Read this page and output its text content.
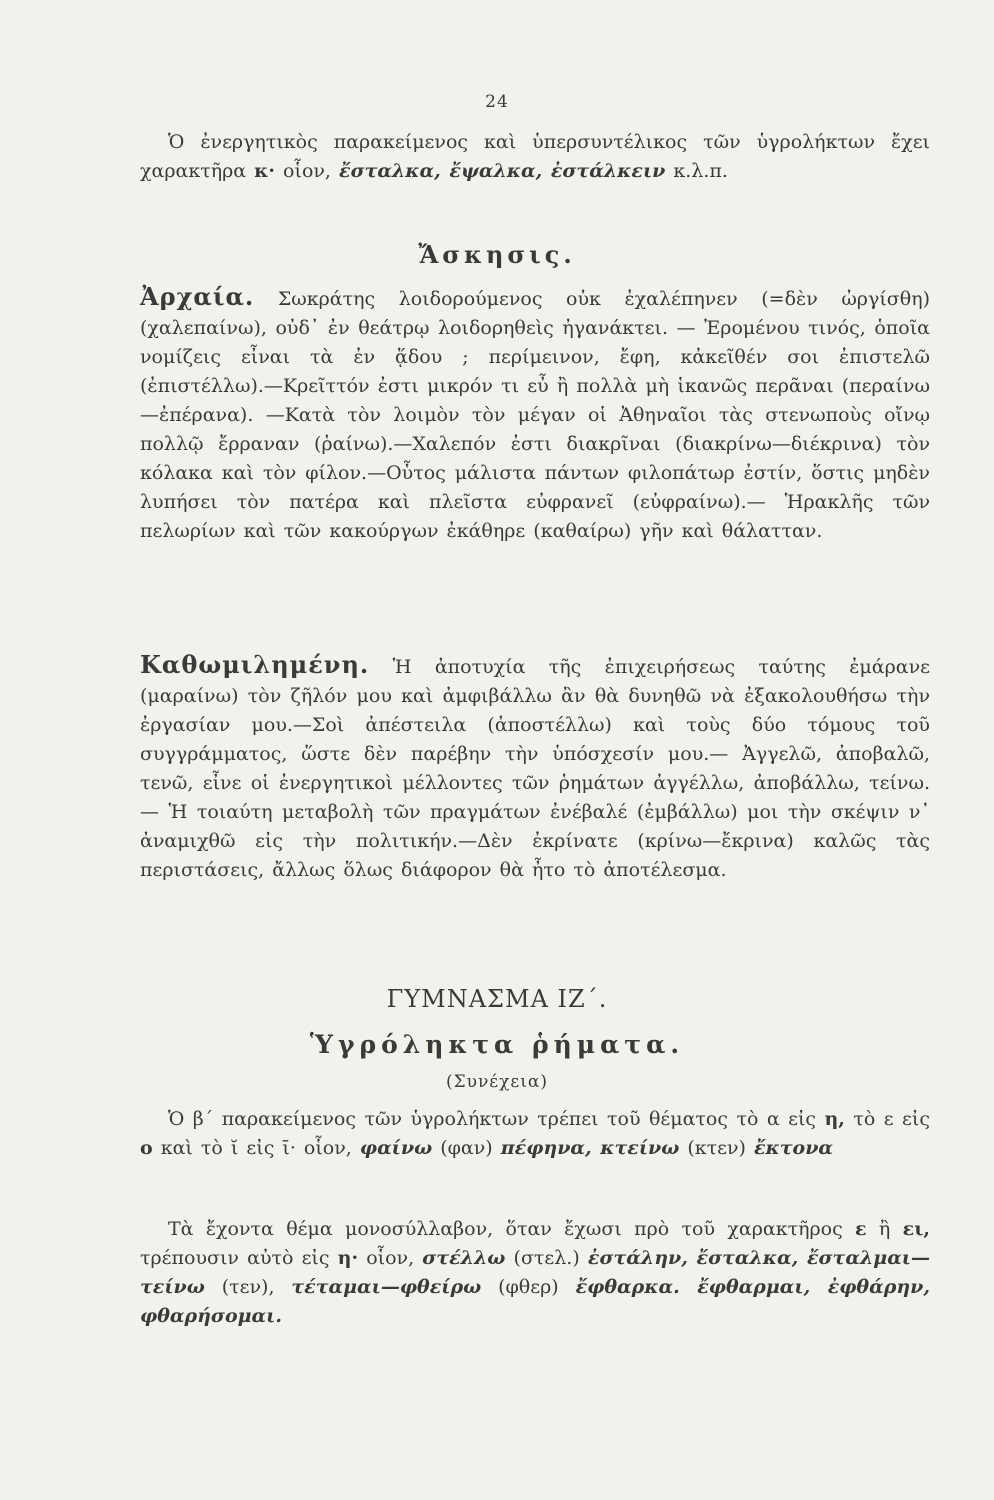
24

Ὁ ἐνεργητικὸς παρακείμενος καὶ ὑπερσυντέλικος τῶν ὑγρολήκτων ἔχει χαρακτῆρα κ· οἷον, ἔσταλκα, ἔψαλκα, ἐστάλκειν κ.λ.π.

Ἄσκησις.

Ἀρχαία. Σωκράτης λοιδορούμενος οὐκ ἐχαλέπηνεν (=δὲν ὠργίσθη) (χαλεπαίνω), οὐδ᾽ ἐν θεάτρῳ λοιδορηθεὶς ἠγανάκτει. — Ἐρομένου τινός, ὁποῖα νομίζεις εἶναι τὰ ἐν ᾅδου ; περίμεινον, ἔφη, κἀκεῖθέν σοι ἐπιστελῶ (ἐπιστέλλω).—Κρεῖττόν ἐστι μικρόν τι εὖ ἢ πολλὰ μὴ ἱκανῶς περᾶναι (περαίνω—ἐπέρανα). —Κατὰ τὸν λοιμὸν τὸν μέγαν οἱ Ἀθηναῖοι τὰς στενωποὺς οἴνῳ πολλῷ ἔρραναν (ῥαίνω).—Χαλεπόν ἐστι διακρῖναι (διακρίνω—διέκρινα) τὸν κόλακα καὶ τὸν φίλον.—Οὗτος μάλιστα πάντων φιλοπάτωρ ἐστίν, ὅστις μηδὲν λυπήσει τὸν πατέρα καὶ πλεῖστα εὐφρανεῖ (εὐφραίνω).— Ἡρακλῆς τῶν πελωρίων καὶ τῶν κακούργων ἐκάθηρε (καθαίρω) γῆν καὶ θάλατταν.

Καθωμιλημένη. Ἡ ἀποτυχία τῆς ἐπιχειρήσεως ταύτης ἐμάρανε (μαραίνω) τὸν ζῆλόν μου καὶ ἀμφιβάλλω ἂν θὰ δυνηθῶ νὰ ἐξακολουθήσω τὴν ἐργασίαν μου.—Σοὶ ἀπέστειλα (ἀποστέλλω) καὶ τοὺς δύο τόμους τοῦ συγγράμματος, ὥστε δὲν παρέβην τὴν ὑπόσχεσίν μου.— Ἀγγελῶ, ἀποβαλῶ, τενῶ, εἶνε οἱ ἐνεργητικοὶ μέλλοντες τῶν ῥημάτων ἀγγέλλω, ἀποβάλλω, τείνω.— Ἡ τοιαύτη μεταβολὴ τῶν πραγμάτων ἐνέβαλέ (ἐμβάλλω) μοι τὴν σκέψιν ν᾽ ἀναμιχθῶ εἰς τὴν πολιτικήν.—Δὲν ἐκρίνατε (κρίνω—ἔκρινα) καλῶς τὰς περιστάσεις, ἄλλως ὅλως διάφορον θὰ ἦτο τὸ ἀποτέλεσμα.

ΓΥΜΝΑΣΜΑ ΙΖ΄.
Ὑγρόληκτα ῥήματα.
(Συνέχεια)

Ὁ β΄ παρακείμενος τῶν ὑγρολήκτων τρέπει τοῦ θέματος τὸ α εἰς η, τὸ ε εἰς ο καὶ τὸ ῐ εἰς ῑ· οἷον, φαίνω (φαν) πέφηνα, κτείνω (κτεν) ἔκτονα

Τὰ ἔχοντα θέμα μονοσύλλαβον, ὅταν ἔχωσι πρὸ τοῦ χαρακτῆρος ε ἢ ει, τρέπουσιν αὐτὸ εἰς η· οἷον, στέλλω (στελ.) ἐστάλην, ἔσταλκα, ἔσταλμαι—τείνω (τεν), τέταμαι—φθείρω (φθερ) ἔφθαρκα. ἔφθαρμαι, ἐφθάρην, φθαρήσομαι.
